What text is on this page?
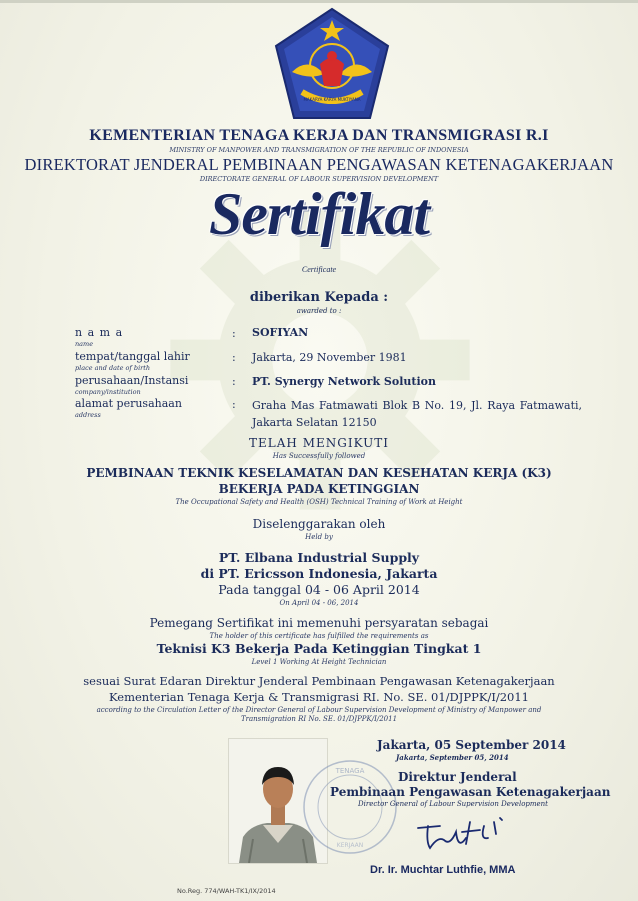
MAKARYA KARYA MUKTIYANA
KEMENTERIAN TENAGA KERJA DAN TRANSMIGRASI R.I
MINISTRY OF MANPOWER AND TRANSMIGRATION OF THE REPUBLIC OF INDONESIA
DIREKTORAT JENDERAL PEMBINAAN PENGAWASAN KETENAGAKERJAAN
DIRECTORATE GENERAL OF LABOUR SUPERVISION DEVELOPMENT
Sertifikat
Certificate
diberikan Kepada :
awarded to :
n a m a
name
: SOFIYAN
tempat/tanggal lahir
place and date of birth
: Jakarta, 29 November 1981
perusahaan/Instansi
company/institution
: PT. Synergy Network Solution
alamat perusahaan
address
: Graha Mas Fatmawati Blok B No. 19, Jl. Raya Fatmawati, Jakarta Selatan 12150
TELAH MENGIKUTI
Has Successfully followed
PEMBINAAN TEKNIK KESELAMATAN DAN KESEHATAN KERJA (K3)
BEKERJA PADA KETINGGIAN
The Occupational Safety and Health (OSH) Technical Training of Work at Height
Diselenggarakan oleh
Held by
PT. Elbana Industrial Supply
di PT. Ericsson Indonesia, Jakarta
Pada tanggal 04 - 06 April 2014
On April 04 - 06, 2014
Pemegang Sertifikat ini memenuhi persyaratan sebagai
The holder of this certificate has fulfilled the requirements as
Teknisi K3 Bekerja Pada Ketinggian Tingkat 1
Level 1 Working At Height Technician
sesuai Surat Edaran Direktur Jenderal Pembinaan Pengawasan Ketenagakerjaan
Kementerian Tenaga Kerja & Transmigrasi RI. No. SE. 01/DJPPK/I/2011
according to the Circulation Letter of the Director General of Labour Supervision Development of Ministry of Manpower and
Transmigration RI No. SE. 01/DJPPK/I/2011
TENAGA
KERJAAN
Jakarta, 05 September 2014
Jakarta, September 05, 2014
Direktur Jenderal
Pembinaan Pengawasan Ketenagakerjaan
Director General of Labour Supervision Development
Dr. Ir. Muchtar Luthfie, MMA
No.Reg. 774/WAH-TK1/IX/2014
